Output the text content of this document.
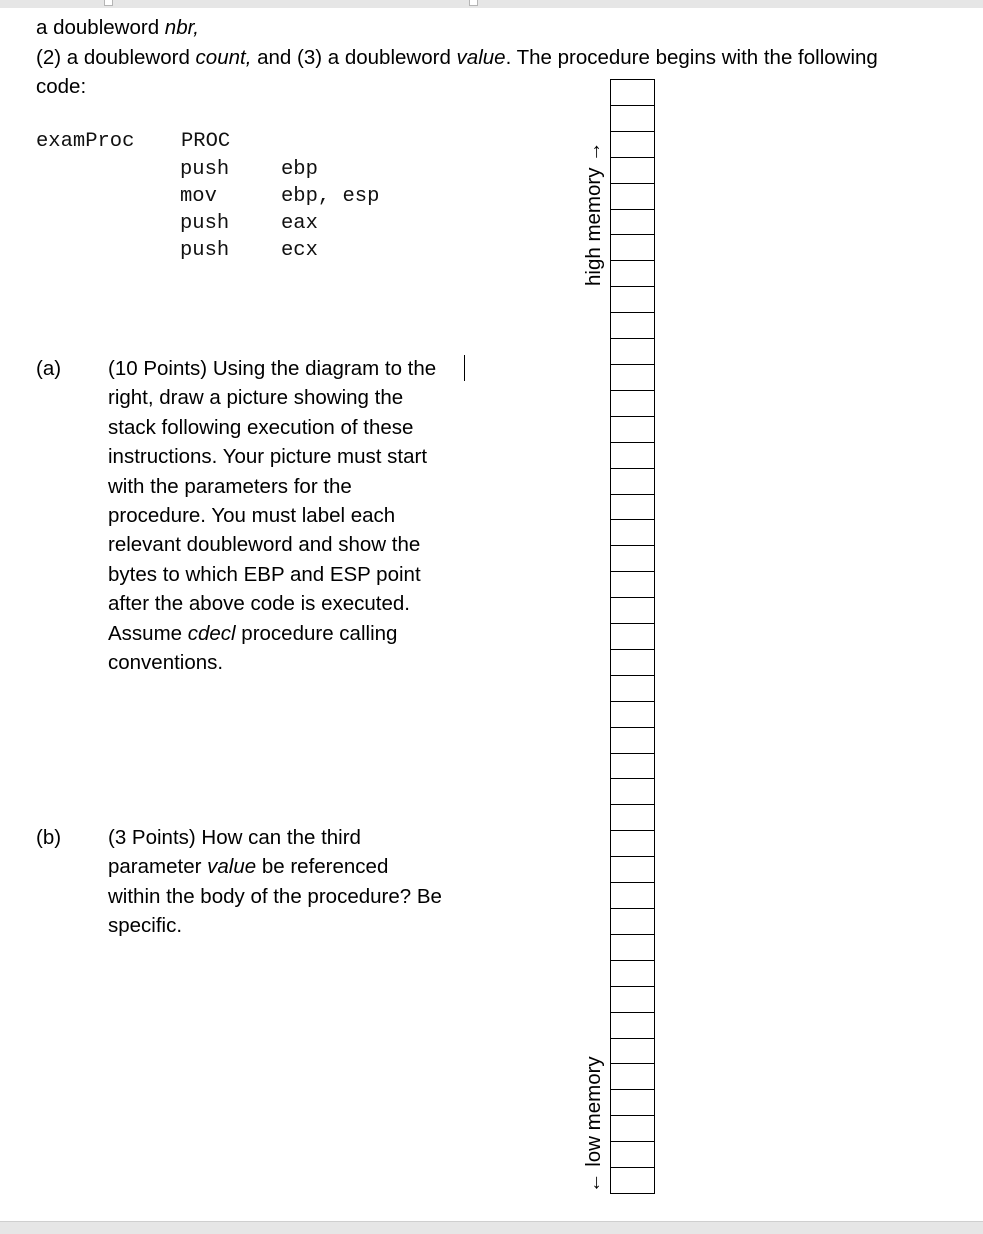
a doubleword nbr,
(2) a doubleword count, and (3) a doubleword value. The procedure begins with the following
code:
examProc PROC
push	ebp
mov	ebp, esp
push	eax
push	ecx
(a) (10 Points) Using the diagram to the
right, draw a picture showing the
stack following execution of these
instructions. Your picture must start
with the parameters for the
procedure. You must label each
relevant doubleword and show the
bytes to which EBP and ESP point
after the above code is executed.
Assume cdecl procedure calling
conventions.
(b) (3 Points) How can the third
parameter value be referenced
within the body of the procedure? Be
specific.
high memory →
← low memory
